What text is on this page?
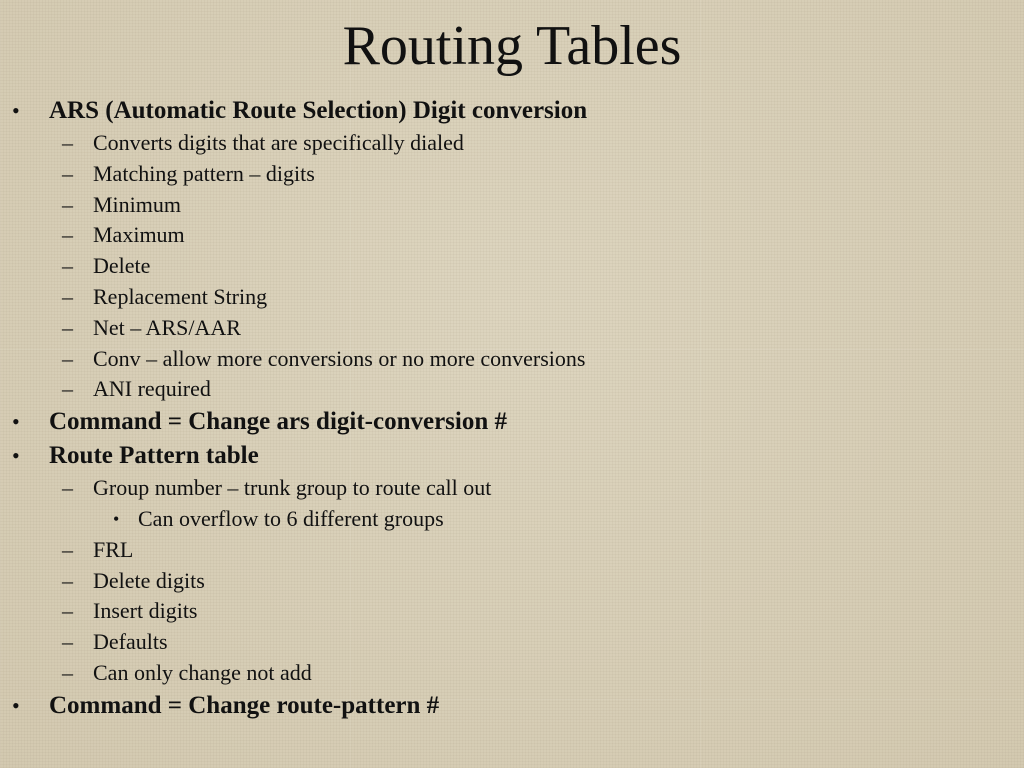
Routing Tables
• ARS (Automatic Route Selection) Digit conversion
– Converts digits that are specifically dialed
– Matching pattern – digits
– Minimum
– Maximum
– Delete
– Replacement String
– Net – ARS/AAR
– Conv – allow more conversions or no more conversions
– ANI required
• Command = Change ars digit-conversion #
• Route Pattern table
– Group number – trunk group to route call out
• Can overflow to 6 different groups
– FRL
– Delete digits
– Insert digits
– Defaults
– Can only change not add
• Command = Change route-pattern #
